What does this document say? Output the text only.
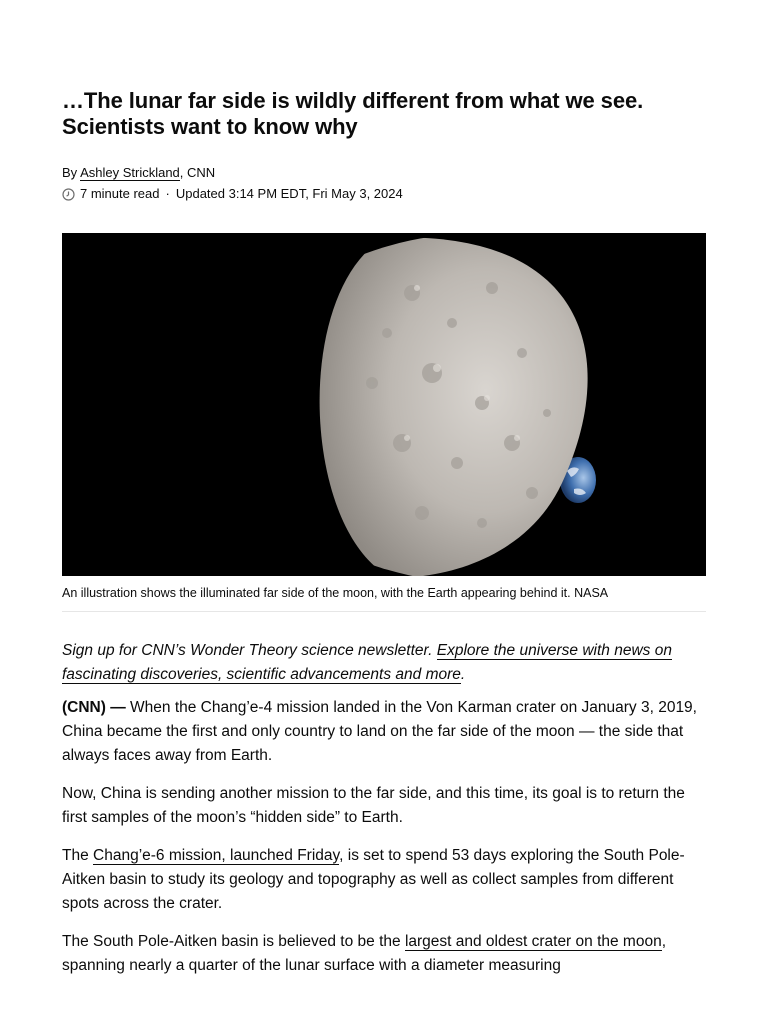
…The lunar far side is wildly different from what we see. Scientists want to know why
By Ashley Strickland, CNN
7 minute read · Updated 3:14 PM EDT, Fri May 3, 2024
An illustration shows the illuminated far side of the moon, with the Earth appearing behind it. NASA

Sign up for CNN’s Wonder Theory science newsletter. Explore the universe with news on fascinating discoveries, scientific advancements and more.

(CNN) — When the Chang’e-4 mission landed in the Von Karman crater on January 3, 2019, China became the first and only country to land on the far side of the moon — the side that always faces away from Earth.

Now, China is sending another mission to the far side, and this time, its goal is to return the first samples of the moon’s “hidden side” to Earth.

The Chang’e-6 mission, launched Friday, is set to spend 53 days exploring the South Pole-Aitken basin to study its geology and topography as well as collect samples from different spots across the crater.

The South Pole-Aitken basin is believed to be the largest and oldest crater on the moon, spanning nearly a quarter of the lunar surface with a diameter measuring
